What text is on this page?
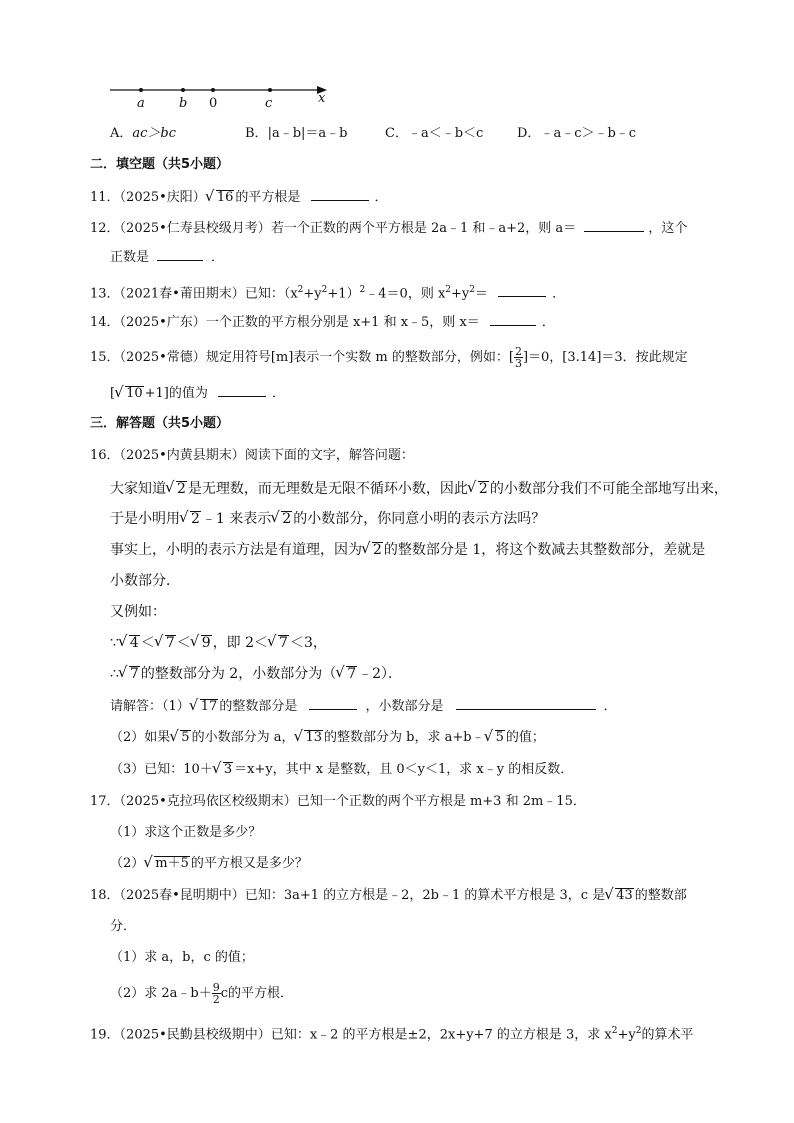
a	b 0	c	x
A．ac＞bc	B．|a﹣b|＝a﹣b	C．﹣a＜﹣b＜c	D．﹣a﹣c＞﹣b﹣c
二．填空题（共5小题）
11．（2025•庆阳） √ 16 的平方根是	．
12．（2025•仁寿县校级月考）若一个正数的两个平方根是 2a﹣1 和﹣a+2，则 a＝	，这个
正数是	．
13．（2021春•莆田期末）已知：$(x^2+y^2+1)^2﹣4=0$，则 $x^2+y^2=$	．
14．（2025•广东）一个正数的平方根分别是 x+1 和 x﹣5，则 x＝	．
15．（2025•常德）规定用符号[m]表示一个实数 m 的整数部分，例如：[ $\frac{2}{3}]=0$，[3.14]＝3．按此规定
[ √ 10 +1]的值为	．
三．解答题（共5小题）
16．（2025•内黄县期末）阅读下面的文字，解答问题：
大家知道 √ 2 是无理数，而无理数是无限不循环小数，因此 √ 2 的小数部分我们不可能全部地写出来，
于是小明用 √ 2 ﹣1 来表示 √ 2 的小数部分，你同意小明的表示方法吗？
事实上，小明的表示方法是有道理，因为 √ 2 的整数部分是 1，将这个数减去其整数部分，差就是
小数部分．
又例如：
∵ √ 4 ＜ √ 7 ＜ √ 9 ，即 2＜ √ 7 ＜3，
∴ √ 7 的整数部分为 2，小数部分为（ √ 7 ﹣2）．
请解答：（1） √ 17 的整数部分是	，小数部分是	．
（2）如果 √ 5 的小数部分为 a， √ 13 的整数部分为 b，求 a+b﹣ √ 5 的值；
（3）已知：10＋ √ 3 ＝x+y，其中 x 是整数，且 0＜y＜1，求 x﹣y 的相反数．
17．（2025•克拉玛依区校级期末）已知一个正数的两个平方根是 m+3 和 2m﹣15．
（1）求这个正数是多少？
（2） √ m＋5 的平方根又是多少？
18．（2025春•昆明期中）已知：3a+1 的立方根是﹣2，2b﹣1 的算术平方根是 3，c 是 √ 43 的整数部
分．
（1）求 a，b，c 的值；
（2）求 2a﹣b＋ $\frac{9}{2}c$的平方根．
19．（2025•民勤县校级期中）已知：x﹣2 的平方根是±2，2x+y+7 的立方根是 3，求 $x^2+y^2$的算术平
